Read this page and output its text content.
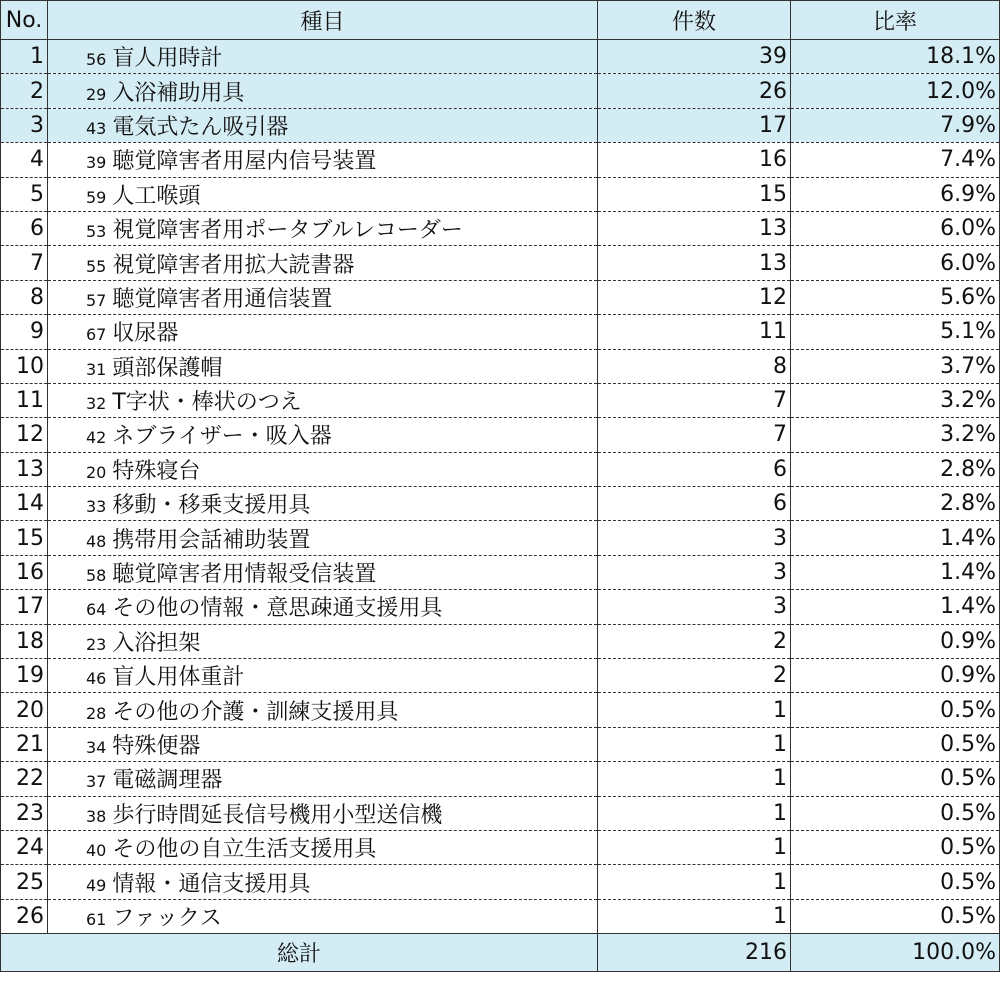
No.	種目	件数	比率
1	56 盲人用時計	39	18.1%
2	29 入浴補助用具	26	12.0%
3	43 電気式たん吸引器	17	7.9%
4	39 聴覚障害者用屋内信号装置	16	7.4%
5	59 人工喉頭	15	6.9%
6	53 視覚障害者用ポータブルレコーダー	13	6.0%
7	55 視覚障害者用拡大読書器	13	6.0%
8	57 聴覚障害者用通信装置	12	5.6%
9	67 収尿器	11	5.1%
10	31 頭部保護帽	8	3.7%
11	32 T字状・棒状のつえ	7	3.2%
12	42 ネブライザー・吸入器	7	3.2%
13	20 特殊寝台	6	2.8%
14	33 移動・移乗支援用具	6	2.8%
15	48 携帯用会話補助装置	3	1.4%
16	58 聴覚障害者用情報受信装置	3	1.4%
17	64 その他の情報・意思疎通支援用具	3	1.4%
18	23 入浴担架	2	0.9%
19	46 盲人用体重計	2	0.9%
20	28 その他の介護・訓練支援用具	1	0.5%
21	34 特殊便器	1	0.5%
22	37 電磁調理器	1	0.5%
23	38 歩行時間延長信号機用小型送信機	1	0.5%
24	40 その他の自立生活支援用具	1	0.5%
25	49 情報・通信支援用具	1	0.5%
26	61 ファックス	1	0.5%
総計		216	100.0%
